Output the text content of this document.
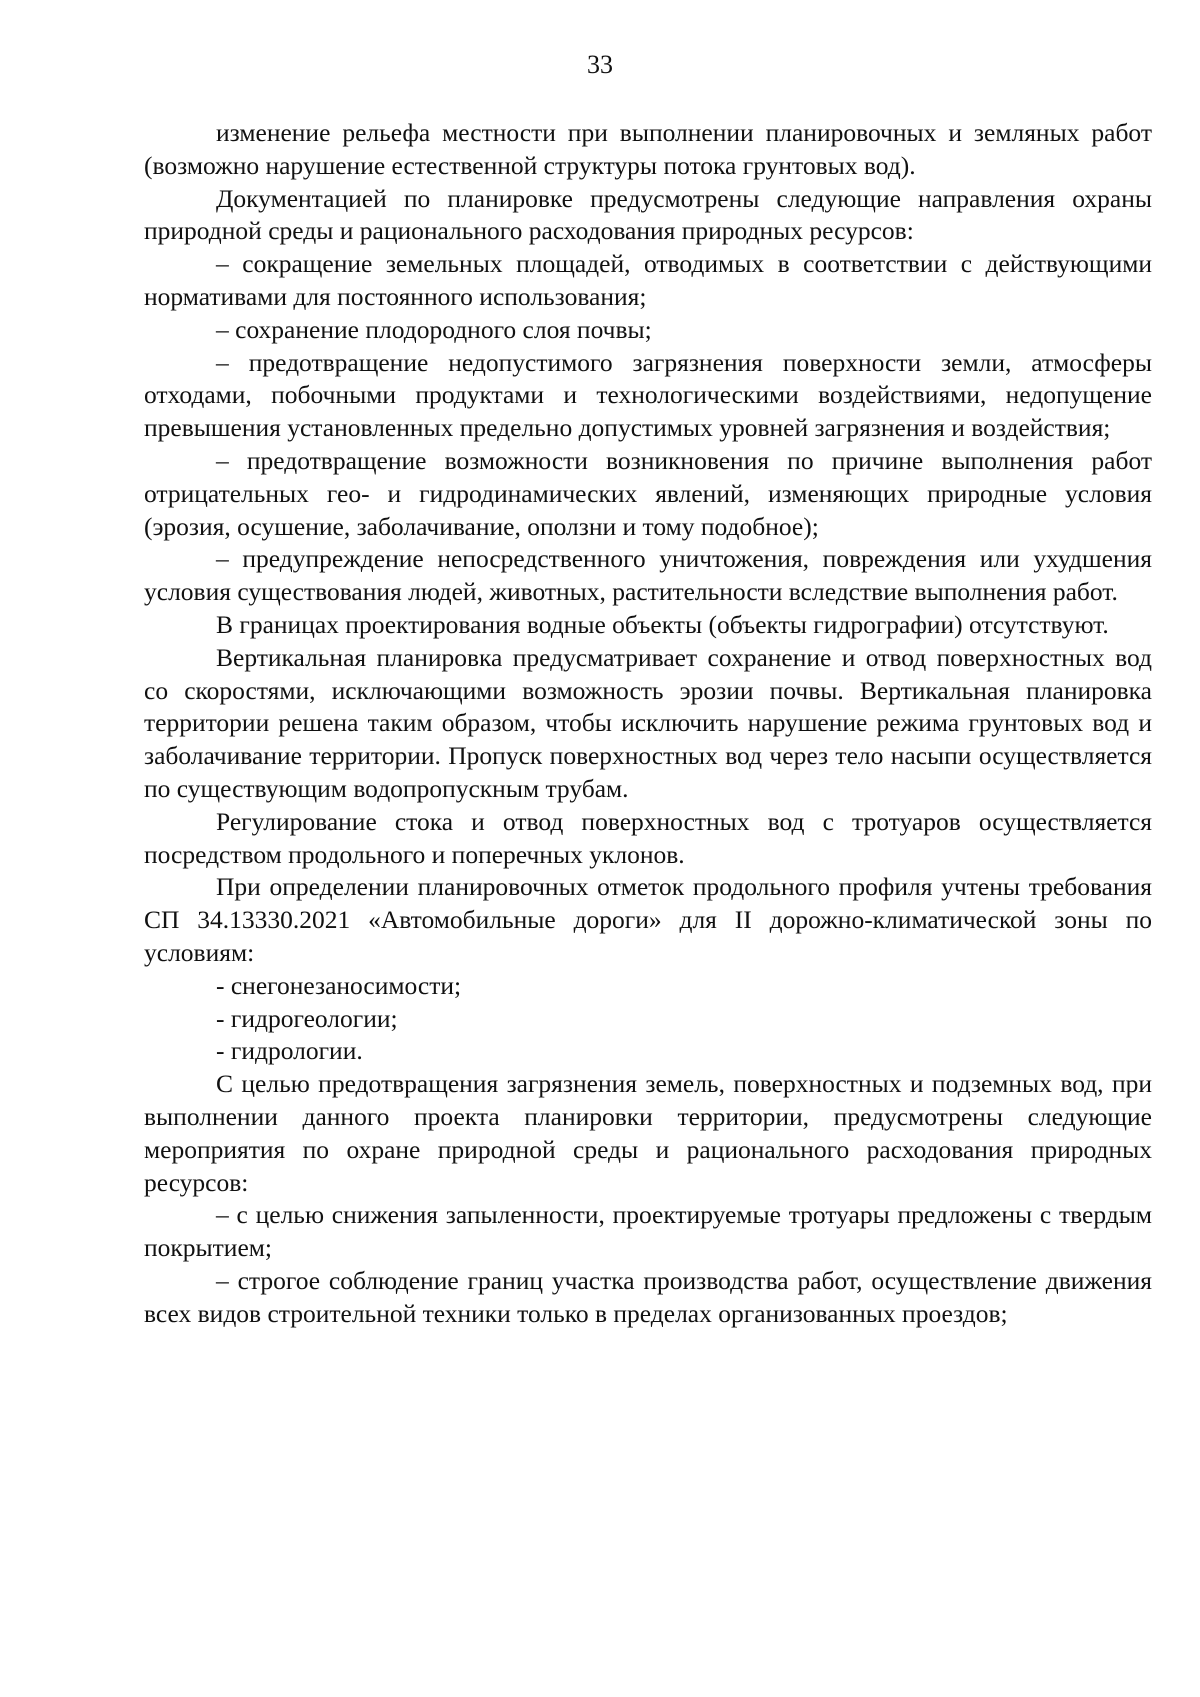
33

изменение рельефа местности при выполнении планировочных и земляных работ (возможно нарушение естественной структуры потока грунтовых вод).

Документацией по планировке предусмотрены следующие направления охраны природной среды и рационального расходования природных ресурсов:

– сокращение земельных площадей, отводимых в соответствии с действующими нормативами для постоянного использования;

– сохранение плодородного слоя почвы;

– предотвращение недопустимого загрязнения поверхности земли, атмосферы отходами, побочными продуктами и технологическими воздействиями, недопущение превышения установленных предельно допустимых уровней загрязнения и воздействия;

– предотвращение возможности возникновения по причине выполнения работ отрицательных гео- и гидродинамических явлений, изменяющих природные условия (эрозия, осушение, заболачивание, оползни и тому подобное);

– предупреждение непосредственного уничтожения, повреждения или ухудшения условия существования людей, животных, растительности вследствие выполнения работ.

В границах проектирования водные объекты (объекты гидрографии) отсутствуют.

Вертикальная планировка предусматривает сохранение и отвод поверхностных вод со скоростями, исключающими возможность эрозии почвы. Вертикальная планировка территории решена таким образом, чтобы исключить нарушение режима грунтовых вод и заболачивание территории. Пропуск поверхностных вод через тело насыпи осуществляется по существующим водопропускным трубам.

Регулирование стока и отвод поверхностных вод с тротуаров осуществляется посредством продольного и поперечных уклонов.

При определении планировочных отметок продольного профиля учтены требования СП 34.13330.2021 «Автомобильные дороги» для II дорожно-климатической зоны по условиям:

- снегонезаносимости;

- гидрогеологии;

- гидрологии.

С целью предотвращения загрязнения земель, поверхностных и подземных вод, при выполнении данного проекта планировки территории, предусмотрены следующие мероприятия по охране природной среды и рационального расходования природных ресурсов:

– с целью снижения запыленности, проектируемые тротуары предложены с твердым покрытием;

– строгое соблюдение границ участка производства работ, осуществление движения всех видов строительной техники только в пределах организованных проездов;
